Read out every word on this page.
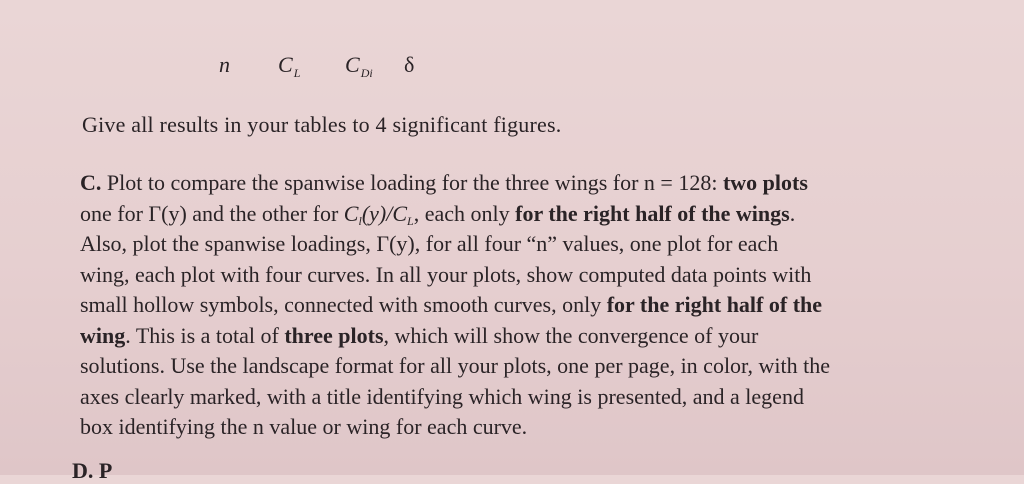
n $C_L$ $C_{Di}$ δ
Give all results in your tables to 4 significant figures.
C. Plot to compare the spanwise loading for the three wings for n = 128: two plots
one for Γ(y) and the other for $C_l(y)/C_L$, each only for the right half of the wings.
Also, plot the spanwise loadings, Γ(y), for all four “n” values, one plot for each
wing, each plot with four curves. In all your plots, show computed data points with
small hollow symbols, connected with smooth curves, only for the right half of the
wing. This is a total of three plots, which will show the convergence of your
solutions. Use the landscape format for all your plots, one per page, in color, with the
axes clearly marked, with a title identifying which wing is presented, and a legend
box identifying the n value or wing for each curve.
D. P
